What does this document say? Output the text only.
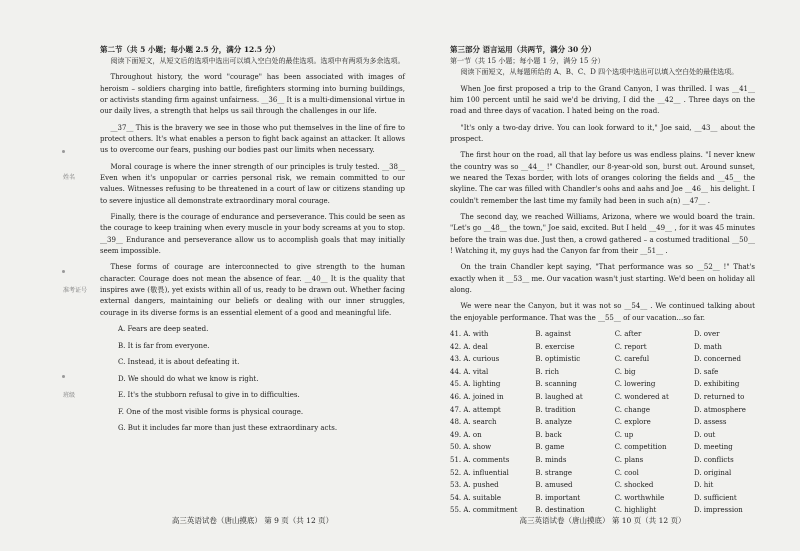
姓名
准考证号
班级
第二节（共 5 小题；每小题 2.5 分，满分 12.5 分）

阅读下面短文，从短文后的选项中选出可以填入空白处的最佳选项。选项中有两项为多余选项。

Throughout history, the word "courage" has been associated with images of heroism – soldiers charging into battle, firefighters storming into burning buildings, or activists standing firm against unfairness. __36__ It is a multi-dimensional virtue in our daily lives, a strength that helps us sail through the challenges in our life.

__37__ This is the bravery we see in those who put themselves in the line of fire to protect others. It's what enables a person to fight back against an attacker. It allows us to overcome our fears, pushing our bodies past our limits when necessary.

Moral courage is where the inner strength of our principles is truly tested. __38__ Even when it's unpopular or carries personal risk, we remain committed to our values. Witnesses refusing to be threatened in a court of law or citizens standing up to severe injustice all demonstrate extraordinary moral courage.

Finally, there is the courage of endurance and perseverance. This could be seen as the courage to keep training when every muscle in your body screams at you to stop. __39__ Endurance and perseverance allow us to accomplish goals that may initially seem impossible.

These forms of courage are interconnected to give strength to the human character. Courage does not mean the absence of fear. __40__ It is the quality that inspires awe (敬畏), yet exists within all of us, ready to be drawn out. Whether facing external dangers, maintaining our beliefs or dealing with our inner struggles, courage in its diverse forms is an essential element of a good and meaningful life.

A. Fears are deep seated.
B. It is far from everyone.
C. Instead, it is about defeating it.
D. We should do what we know is right.
E. It's the stubborn refusal to give in to difficulties.
F. One of the most visible forms is physical courage.
G. But it includes far more than just these extraordinary acts.
高三英语试卷（唐山摸底） 第 9 页（共 12 页）
第三部分 语言运用（共两节，满分 30 分）
第一节（共 15 小题；每小题 1 分，满分 15 分）

阅读下面短文，从每题所给的 A、B、C、D 四个选项中选出可以填入空白处的最佳选项。

When Joe first proposed a trip to the Grand Canyon, I was thrilled. I was __41__ him 100 percent until he said we'd be driving, I did the __42__ . Three days on the road and three days of vacation. I hated being on the road.

"It's only a two-day drive. You can look forward to it," Joe said, __43__ about the prospect.

The first hour on the road, all that lay before us was endless plains. "I never knew the country was so __44__ !" Chandler, our 8-year-old son, burst out. Around sunset, we neared the Texas border, with lots of oranges coloring the fields and __45__ the skyline. The car was filled with Chandler's oohs and aahs and Joe __46__ his delight. I couldn't remember the last time my family had been in such a(n) __47__ .

The second day, we reached Williams, Arizona, where we would board the train. "Let's go __48__ the town," Joe said, excited. But I held __49__ , for it was 45 minutes before the train was due. Just then, a crowd gathered – a costumed traditional __50__ ! Watching it, my guys had the Canyon far from their __51__ .

On the train Chandler kept saying, "That performance was so __52__ !" That's exactly when it __53__ me. Our vacation wasn't just starting. We'd been on holiday all along.

We were near the Canyon, but it was not so __54__ . We continued talking about the enjoyable performance. That was the __55__ of our vacation…so far.

41. A. with	B. against	C. after	D. over
42. A. deal	B. exercise	C. report	D. math
43. A. curious	B. optimistic	C. careful	D. concerned
44. A. vital	B. rich	C. big	D. safe
45. A. lighting	B. scanning	C. lowering	D. exhibiting
46. A. joined in	B. laughed at	C. wondered at	D. returned to
47. A. attempt	B. tradition	C. change	D. atmosphere
48. A. search	B. analyze	C. explore	D. assess
49. A. on	B. back	C. up	D. out
50. A. show	B. game	C. competition	D. meeting
51. A. comments	B. minds	C. plans	D. conflicts
52. A. influential	B. strange	C. cool	D. original
53. A. pushed	B. amused	C. shocked	D. hit
54. A. suitable	B. important	C. worthwhile	D. sufficient
55. A. commitment	B. destination	C. highlight	D. impression
高三英语试卷（唐山摸底） 第 10 页（共 12 页）
